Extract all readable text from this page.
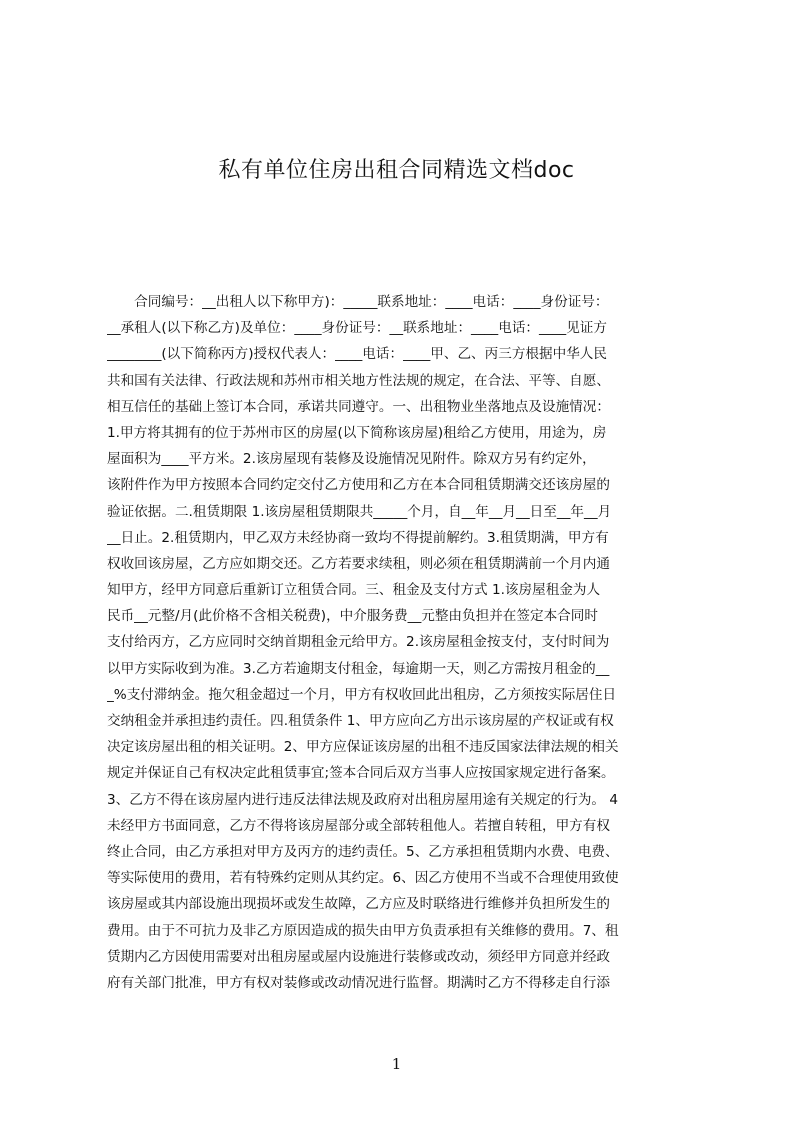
私有单位住房出租合同精选文档doc
　　合同编号：__出租人以下称甲方)：_____联系地址：____电话：____身份证号：
__承租人(以下称乙方)及单位：____身份证号：__联系地址：____电话：____见证方
________(以下简称丙方)授权代表人：____电话：____甲、乙、丙三方根据中华人民
共和国有关法律、行政法规和苏州市相关地方性法规的规定，在合法、平等、自愿、
相互信任的基础上签订本合同，承诺共同遵守。一、出租物业坐落地点及设施情况：
1.甲方将其拥有的位于苏州市区的房屋(以下简称该房屋)租给乙方使用，用途为，房
屋面积为____平方米。2.该房屋现有装修及设施情况见附件。除双方另有约定外，
该附件作为甲方按照本合同约定交付乙方使用和乙方在本合同租赁期满交还该房屋的
验证依据。二.租赁期限 1.该房屋租赁期限共_____个月，自__年__月__日至__年__月
__日止。2.租赁期内，甲乙双方未经协商一致均不得提前解约。3.租赁期满，甲方有
权收回该房屋，乙方应如期交还。乙方若要求续租，则必须在租赁期满前一个月内通
知甲方，经甲方同意后重新订立租赁合同。三、租金及支付方式 1.该房屋租金为人
民币__元整/月(此价格不含相关税费)，中介服务费__元整由负担并在签定本合同时
支付给丙方，乙方应同时交纳首期租金元给甲方。2.该房屋租金按支付，支付时间为
以甲方实际收到为准。3.乙方若逾期支付租金，每逾期一天，则乙方需按月租金的__
_%支付滞纳金。拖欠租金超过一个月，甲方有权收回此出租房，乙方须按实际居住日
交纳租金并承担违约责任。四.租赁条件 1、甲方应向乙方出示该房屋的产权证或有权
决定该房屋出租的相关证明。2、甲方应保证该房屋的出租不违反国家法律法规的相关
规定并保证自己有权决定此租赁事宜;签本合同后双方当事人应按国家规定进行备案。
3、乙方不得在该房屋内进行违反法律法规及政府对出租房屋用途有关规定的行为。 4
未经甲方书面同意，乙方不得将该房屋部分或全部转租他人。若擅自转租，甲方有权
终止合同，由乙方承担对甲方及丙方的违约责任。5、乙方承担租赁期内水费、电费、
等实际使用的费用，若有特殊约定则从其约定。6、因乙方使用不当或不合理使用致使
该房屋或其内部设施出现损坏或发生故障，乙方应及时联络进行维修并负担所发生的
费用。由于不可抗力及非乙方原因造成的损失由甲方负责承担有关维修的费用。7、租
赁期内乙方因使用需要对出租房屋或屋内设施进行装修或改动，须经甲方同意并经政
府有关部门批准，甲方有权对装修或改动情况进行监督。期满时乙方不得移走自行添
1
